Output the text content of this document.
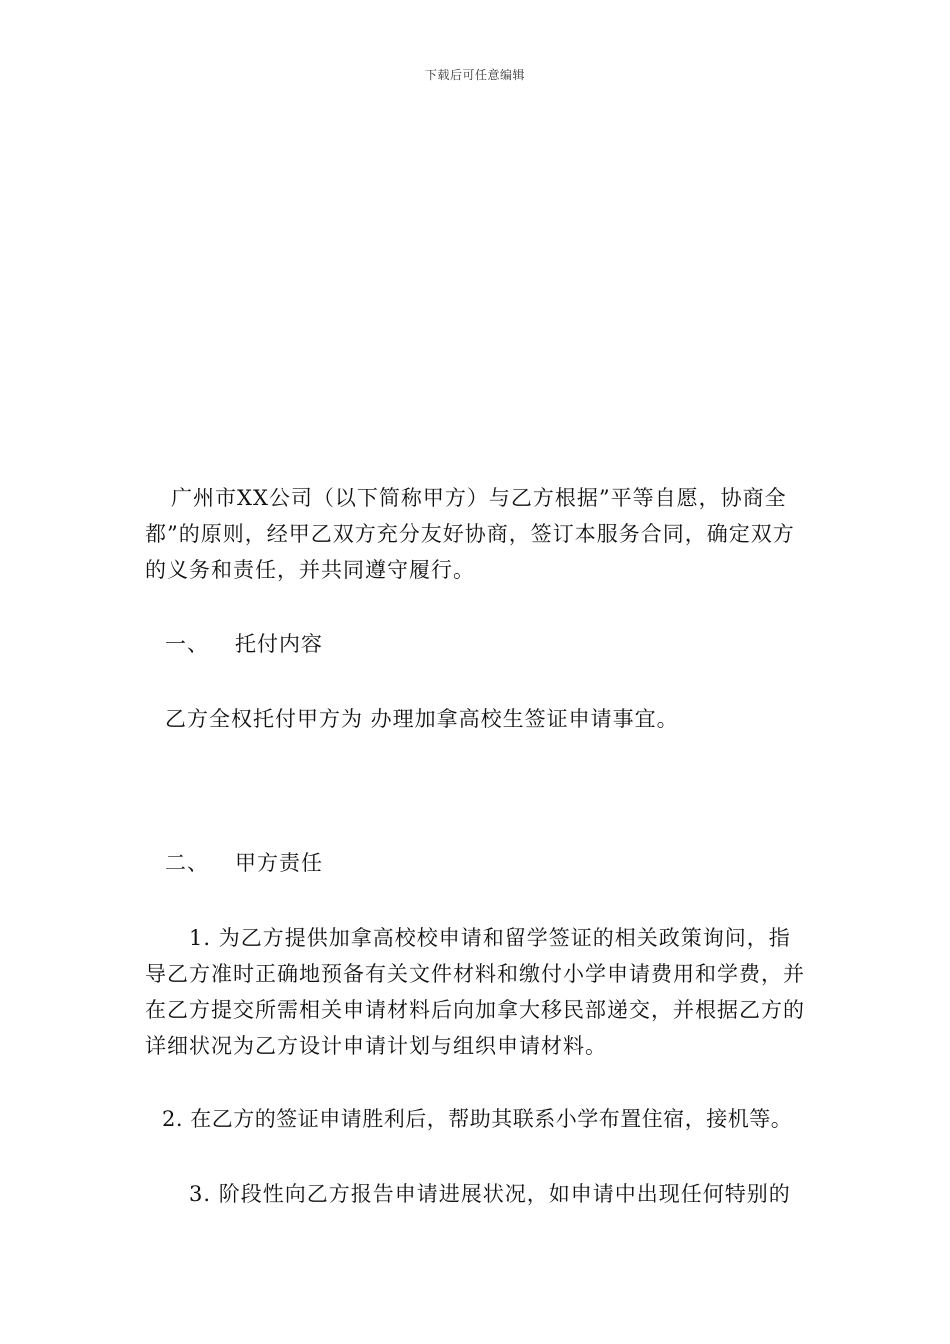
下载后可任意编辑

广州市XX公司（以下简称甲方）与乙方根据”平等自愿，协商全都”的原则，经甲乙双方充分友好协商，签订本服务合同，确定双方的义务和责任，并共同遵守履行。

一、 托付内容

乙方全权托付甲方为 办理加拿高校生签证申请事宜。

二、 甲方责任

1. 为乙方提供加拿高校校申请和留学签证的相关政策询问，指导乙方准时正确地预备有关文件材料和缴付小学申请费用和学费，并在乙方提交所需相关申请材料后向加拿大移民部递交，并根据乙方的详细状况为乙方设计申请计划与组织申请材料。

2. 在乙方的签证申请胜利后，帮助其联系小学布置住宿，接机等。

3. 阶段性向乙方报告申请进展状况，如申请中出现任何特别的
